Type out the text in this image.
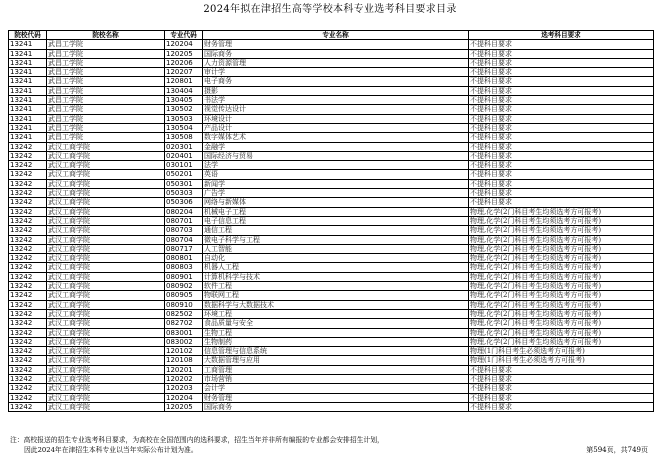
2024年拟在津招生高等学校本科专业选考科目要求目录
院校代码	院校名称	专业代码	专业名称	选考科目要求
13241	武昌工学院	120204	财务管理	不提科目要求
13241	武昌工学院	120205	国际商务	不提科目要求
13241	武昌工学院	120206	人力资源管理	不提科目要求
13241	武昌工学院	120207	审计学	不提科目要求
13241	武昌工学院	120801	电子商务	不提科目要求
13241	武昌工学院	130404	摄影	不提科目要求
13241	武昌工学院	130405	书法学	不提科目要求
13241	武昌工学院	130502	视觉传达设计	不提科目要求
13241	武昌工学院	130503	环境设计	不提科目要求
13241	武昌工学院	130504	产品设计	不提科目要求
13241	武昌工学院	130508	数字媒体艺术	不提科目要求
13242	武汉工商学院	020301	金融学	不提科目要求
13242	武汉工商学院	020401	国际经济与贸易	不提科目要求
13242	武汉工商学院	030101	法学	不提科目要求
13242	武汉工商学院	050201	英语	不提科目要求
13242	武汉工商学院	050301	新闻学	不提科目要求
13242	武汉工商学院	050303	广告学	不提科目要求
13242	武汉工商学院	050306	网络与新媒体	不提科目要求
13242	武汉工商学院	080204	机械电子工程	物理,化学(2门科目考生均须选考方可报考)
13242	武汉工商学院	080701	电子信息工程	物理,化学(2门科目考生均须选考方可报考)
13242	武汉工商学院	080703	通信工程	物理,化学(2门科目考生均须选考方可报考)
13242	武汉工商学院	080704	微电子科学与工程	物理,化学(2门科目考生均须选考方可报考)
13242	武汉工商学院	080717	人工智能	物理,化学(2门科目考生均须选考方可报考)
13242	武汉工商学院	080801	自动化	物理,化学(2门科目考生均须选考方可报考)
13242	武汉工商学院	080803	机器人工程	物理,化学(2门科目考生均须选考方可报考)
13242	武汉工商学院	080901	计算机科学与技术	物理,化学(2门科目考生均须选考方可报考)
13242	武汉工商学院	080902	软件工程	物理,化学(2门科目考生均须选考方可报考)
13242	武汉工商学院	080905	物联网工程	物理,化学(2门科目考生均须选考方可报考)
13242	武汉工商学院	080910	数据科学与大数据技术	物理,化学(2门科目考生均须选考方可报考)
13242	武汉工商学院	082502	环境工程	物理,化学(2门科目考生均须选考方可报考)
13242	武汉工商学院	082702	食品质量与安全	物理,化学(2门科目考生均须选考方可报考)
13242	武汉工商学院	083001	生物工程	物理,化学(2门科目考生均须选考方可报考)
13242	武汉工商学院	083002	生物制药	物理,化学(2门科目考生均须选考方可报考)
13242	武汉工商学院	120102	信息管理与信息系统	物理(1门科目考生必须选考方可报考)
13242	武汉工商学院	120108	大数据管理与应用	物理(1门科目考生必须选考方可报考)
13242	武汉工商学院	120201	工商管理	不提科目要求
13242	武汉工商学院	120202	市场营销	不提科目要求
13242	武汉工商学院	120203	会计学	不提科目要求
13242	武汉工商学院	120204	财务管理	不提科目要求
13242	武汉工商学院	120205	国际商务	不提科目要求
注：高校报送的招生专业选考科目要求，为高校在全国范围内的选科要求，招生当年并非所有编报的专业都会安排招生计划，
因此2024年在津招生本科专业以当年实际公布计划为准。	第594页，共749页
